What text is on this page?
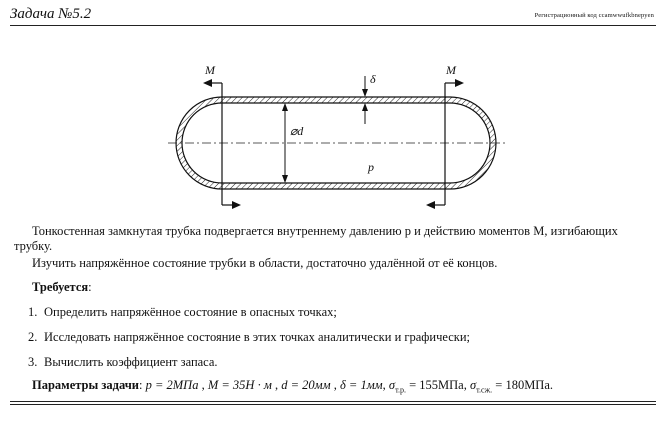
Задача №5.2	Регистрационный код ccamwwufkbnepyen
M	M
δ
⌀d
p
Тонкостенная замкнутая трубка подвергается внутреннему давлению p и действию моментов M, изгибающих трубку.
Изучить напряжённое состояние трубки в области, достаточно удалённой от её концов.
Требуется:
1. Определить напряжённое состояние в опасных точках;
2. Исследовать напряжённое состояние в этих точках аналитически и графически;
3. Вычислить коэффициент запаса.
Параметры задачи: p = 2МПа , M = 35Н · м , d = 20мм , δ = 1мм, $\sigma_{т.р.} = 155МПа$, $\sigma_{т.сж.} = 180МПа$.
